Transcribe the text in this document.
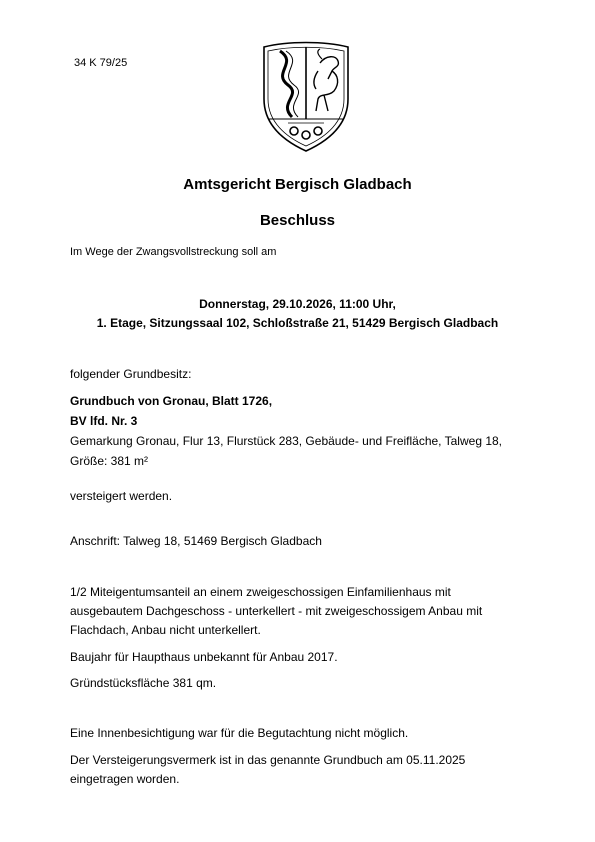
34 K 79/25
Amtsgericht Bergisch Gladbach
Beschluss
Im Wege der Zwangsvollstreckung soll am
Donnerstag, 29.10.2026, 11:00 Uhr,
1. Etage, Sitzungssaal 102, Schloßstraße 21, 51429 Bergisch Gladbach
folgender Grundbesitz:
Grundbuch von Gronau, Blatt 1726,
BV lfd. Nr. 3
Gemarkung Gronau, Flur 13, Flurstück 283, Gebäude- und Freifläche, Talweg 18,
Größe: 381 m²
versteigert werden.
Anschrift: Talweg 18, 51469 Bergisch Gladbach
1/2 Miteigentumsanteil an einem zweigeschossigen Einfamilienhaus mit
ausgebautem Dachgeschoss - unterkellert - mit zweigeschossigem Anbau mit
Flachdach, Anbau nicht unterkellert.
Baujahr für Haupthaus unbekannt für Anbau 2017.
Gründstücksfläche 381 qm.
Eine Innenbesichtigung war für die Begutachtung nicht möglich.
Der Versteigerungsvermerk ist in das genannte Grundbuch am 05.11.2025
eingetragen worden.
